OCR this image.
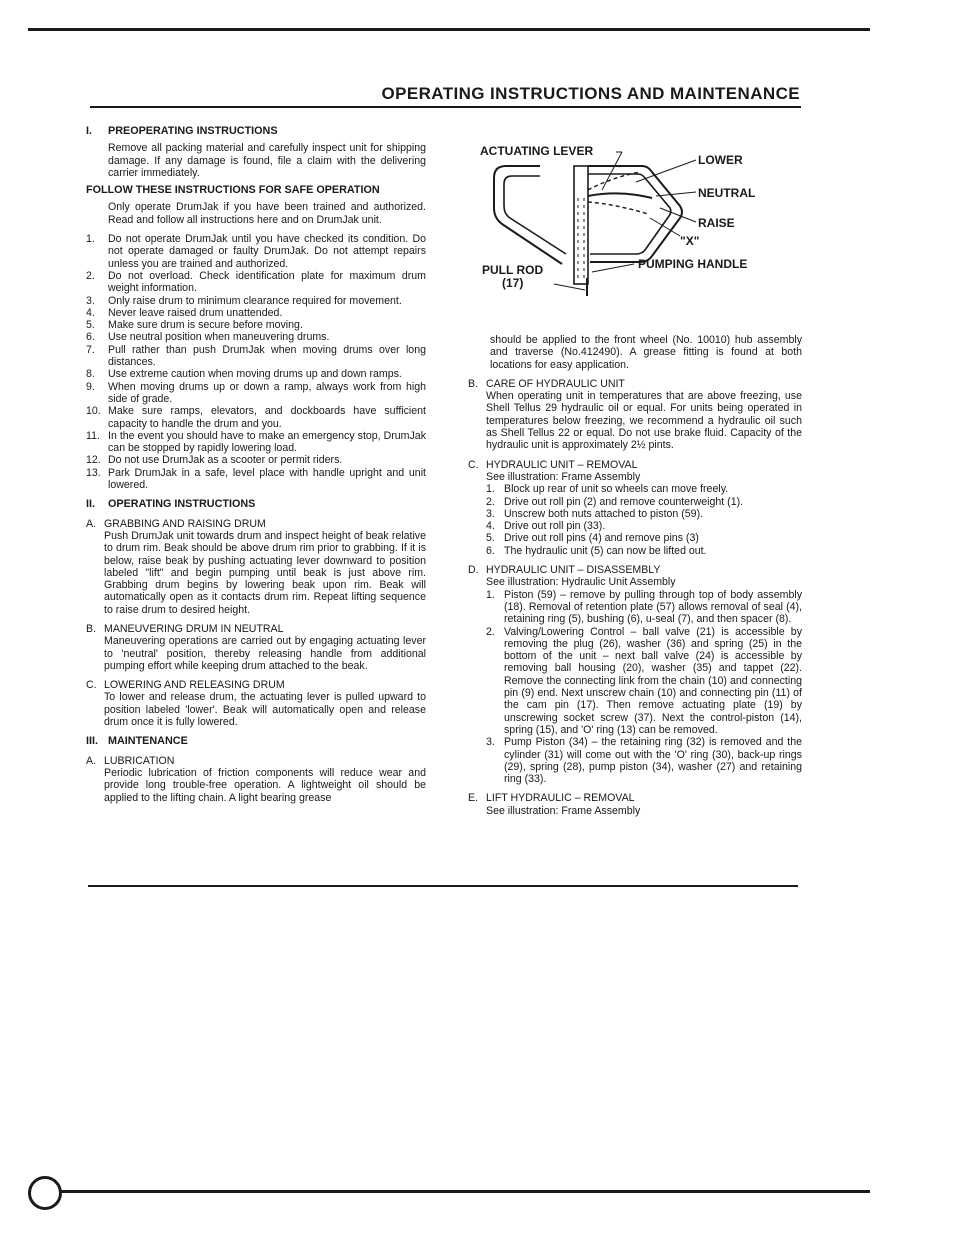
OPERATING INSTRUCTIONS AND MAINTENANCE

I. PREOPERATING INSTRUCTIONS

Remove all packing material and carefully inspect unit for shipping damage. If any damage is found, file a claim with the delivering carrier immediately.

FOLLOW THESE INSTRUCTIONS FOR SAFE OPERATION

Only operate DrumJak if you have been trained and authorized. Read and follow all instructions here and on DrumJak unit.

1.	Do not operate DrumJak until you have checked its condition. Do not operate damaged or faulty DrumJak. Do not attempt repairs unless you are trained and authorized.
2.	Do not overload. Check identification plate for maximum drum weight information.
3.	Only raise drum to minimum clearance required for movement.
4.	Never leave raised drum unattended.
5.	Make sure drum is secure before moving.
6.	Use neutral position when maneuvering drums.
7.	Pull rather than push DrumJak when moving drums over long distances.
8.	Use extreme caution when moving drums up and down ramps.
9.	When moving drums up or down a ramp, always work from high side of grade.
10. Make sure ramps, elevators, and dockboards have sufficient capacity to handle the drum and you.
11. In the event you should have to make an emergency stop, DrumJak can be stopped by rapidly lowering load.
12. Do not use DrumJak as a scooter or permit riders.
13. Park DrumJak in a safe, level place with handle upright and unit lowered.

II. OPERATING INSTRUCTIONS

A. GRABBING AND RAISING DRUM

Push DrumJak unit towards drum and inspect height of beak relative to drum rim. Beak should be above drum rim prior to grabbing. If it is below, raise beak by pushing actuating lever downward to position labeled "lift" and begin pumping until beak is just above rim. Grabbing drum begins by lowering beak upon rim. Beak will automatically open as it contacts drum rim. Repeat lifting sequence to raise drum to desired height.

B. MANEUVERING DRUM IN NEUTRAL

Maneuvering operations are carried out by engaging actuating lever to 'neutral' position, thereby releasing handle from additional pumping effort while keeping drum attached to the beak.

C. LOWERING AND RELEASING DRUM

To lower and release drum, the actuating lever is pulled upward to position labeled 'lower'. Beak will automatically open and release drum once it is fully lowered.

III. MAINTENANCE

A. LUBRICATION

Periodic lubrication of friction components will reduce wear and provide long trouble-free operation. A lightweight oil should be applied to the lifting chain. A light bearing grease

ACTUATING LEVER
LOWER
NEUTRAL
RAISE
"X"
PUMPING HANDLE
PULL ROD
(17)

should be applied to the front wheel (No. 10010) hub assembly and traverse (No.412490). A grease fitting is found at both locations for easy application.

B. CARE OF HYDRAULIC UNIT

When operating unit in temperatures that are above freezing, use Shell Tellus 29 hydraulic oil or equal. For units being operated in temperatures below freezing, we recommend a hydraulic oil such as Shell Tellus 22 or equal. Do not use brake fluid. Capacity of the hydraulic unit is approximately 2½ pints.

C. HYDRAULIC UNIT – REMOVAL

See illustration: Frame Assembly

1. Block up rear of unit so wheels can move freely.
2. Drive out roll pin (2) and remove counterweight (1).
3. Unscrew both nuts attached to piston (59).
4. Drive out roll pin (33).
5. Drive out roll pins (4) and remove pins (3)
6. The hydraulic unit (5) can now be lifted out.
D. HYDRAULIC UNIT – DISASSEMBLY

See illustration: Hydraulic Unit Assembly

1. Piston (59) – remove by pulling through top of body assembly (18). Removal of retention plate (57) allows removal of seal (4), retaining ring (5), bushing (6), u-seal (7), and then spacer (8).
2. Valving/Lowering Control – ball valve (21) is accessible by removing the plug (26), washer (36) and spring (25) in the bottom of the unit – next ball valve (24) is accessible by removing ball housing (20), washer (35) and tappet (22). Remove the connecting link from the chain (10) and connecting pin (9) end. Next unscrew chain (10) and connecting pin (11) of the cam pin (17). Then remove actuating plate (19) by unscrewing socket screw (37). Next the control-piston (14), spring (15), and 'O' ring (13) can be removed.
3. Pump Piston (34) – the retaining ring (32) is removed and the cylinder (31) will come out with the 'O' ring (30), back-up rings (29), spring (28), pump piston (34), washer (27) and retaining ring (33).
E. LIFT HYDRAULIC – REMOVAL

See illustration: Frame Assembly
